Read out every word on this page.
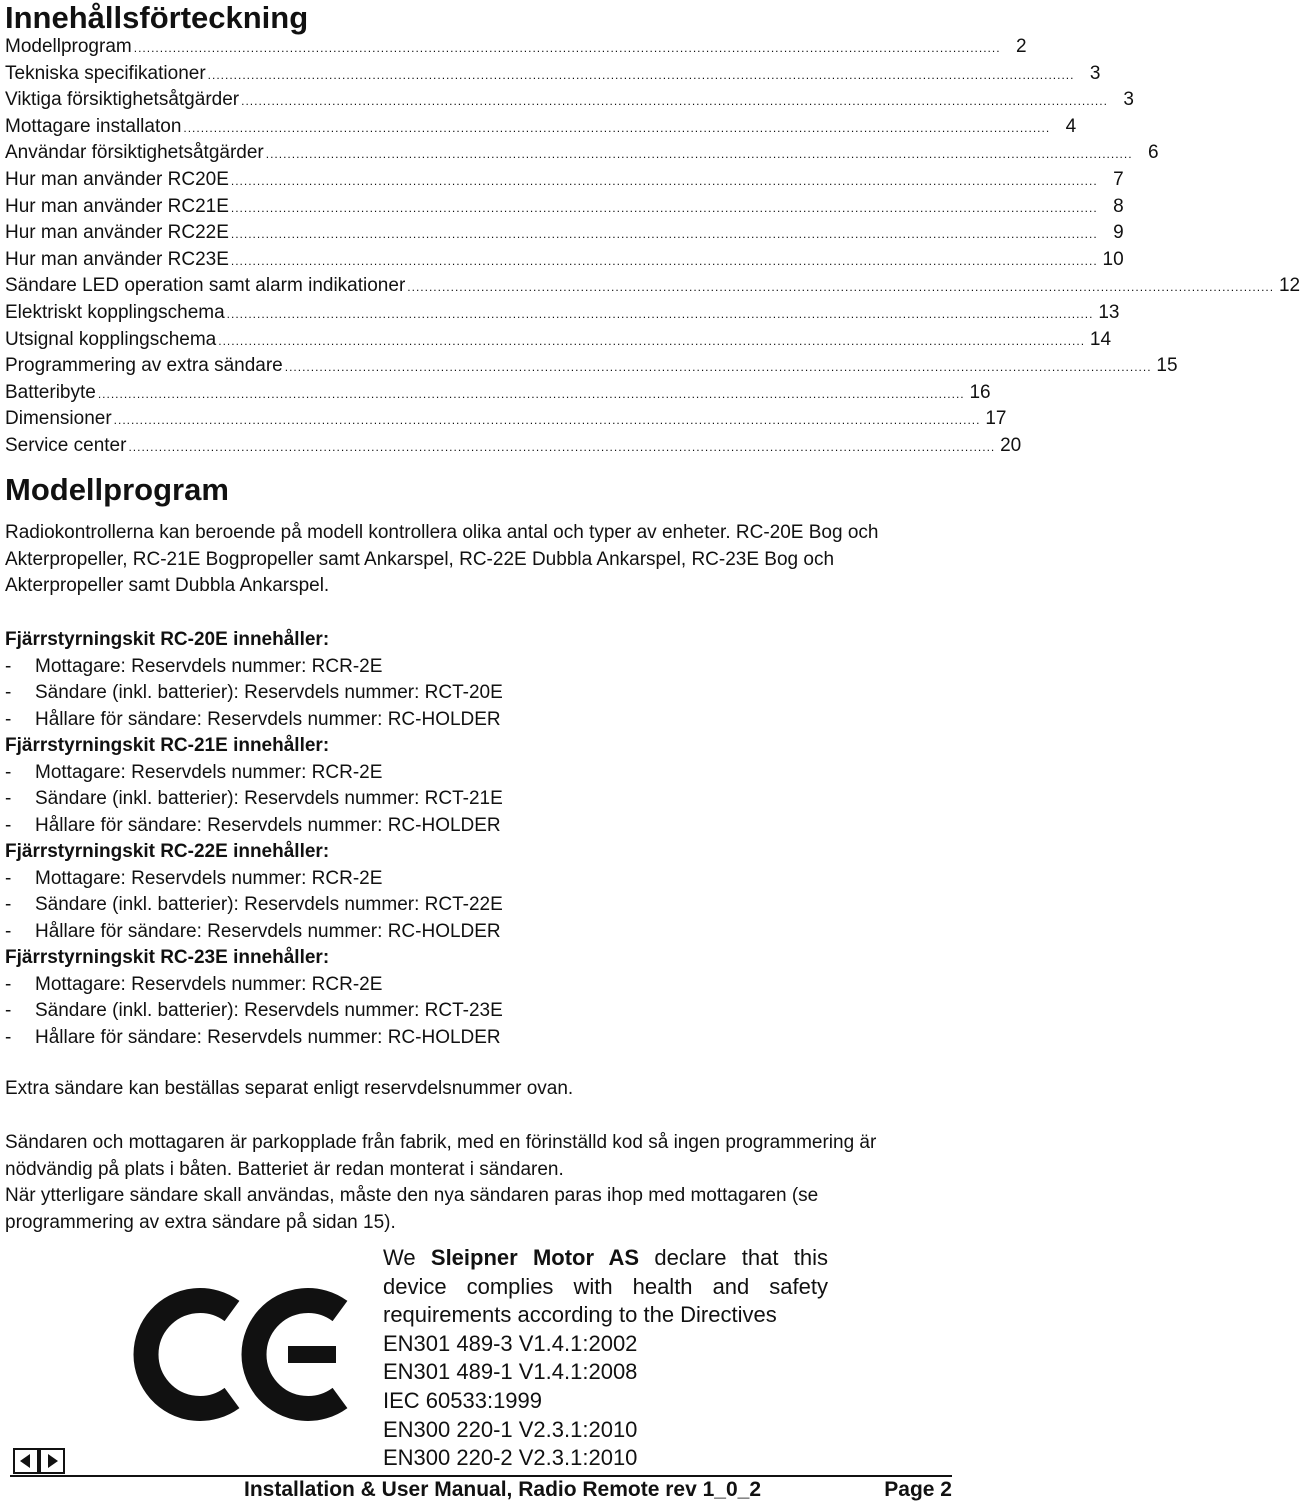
Innehållsförteckning
Modellprogram ........................................................................................................................................................................................................ 2
Tekniska specifikationer ........................................................................................................................................................................................................ 3
Viktiga försiktighetsåtgärder ........................................................................................................................................................................................................ 3
Mottagare installaton ........................................................................................................................................................................................................ 4
Användar försiktighetsåtgärder ........................................................................................................................................................................................................ 6
Hur man använder RC20E ........................................................................................................................................................................................................ 7
Hur man använder RC21E ........................................................................................................................................................................................................ 8
Hur man använder RC22E ........................................................................................................................................................................................................ 9
Hur man använder RC23E ........................................................................................................................................................................................................ 10
Sändare LED operation samt alarm indikationer ........................................................................................................................................................................................................ 12
Elektriskt kopplingschema ........................................................................................................................................................................................................ 13
Utsignal kopplingschema ........................................................................................................................................................................................................ 14
Programmering av extra sändare ........................................................................................................................................................................................................ 15
Batteribyte ........................................................................................................................................................................................................ 16
Dimensioner ........................................................................................................................................................................................................ 17
Service center ........................................................................................................................................................................................................ 20
Modellprogram

Radiokontrollerna kan beroende på modell kontrollera olika antal och typer av enheter. RC-20E Bog och Akterpropeller, RC-21E Bogpropeller samt Ankarspel, RC-22E Dubbla Ankarspel, RC-23E Bog och Akterpropeller samt Dubbla Ankarspel.

Fjärrstyrningskit RC-20E innehåller:
- Mottagare: Reservdels nummer: RCR-2E
- Sändare (inkl. batterier): Reservdels nummer: RCT-20E
- Hållare för sändare: Reservdels nummer: RC-HOLDER
Fjärrstyrningskit RC-21E innehåller:
- Mottagare: Reservdels nummer: RCR-2E
- Sändare (inkl. batterier): Reservdels nummer: RCT-21E
- Hållare för sändare: Reservdels nummer: RC-HOLDER
Fjärrstyrningskit RC-22E innehåller:
- Mottagare: Reservdels nummer: RCR-2E
- Sändare (inkl. batterier): Reservdels nummer: RCT-22E
- Hållare för sändare: Reservdels nummer: RC-HOLDER
Fjärrstyrningskit RC-23E innehåller:
- Mottagare: Reservdels nummer: RCR-2E
- Sändare (inkl. batterier): Reservdels nummer: RCT-23E
- Hållare för sändare: Reservdels nummer: RC-HOLDER

Extra sändare kan beställas separat enligt reservdelsnummer ovan.

Sändaren och mottagaren är parkopplade från fabrik, med en förinställd kod så ingen programmering är nödvändig på plats i båten. Batteriet är redan monterat i sändaren.

När ytterligare sändare skall användas, måste den nya sändaren paras ihop med mottagaren (se programmering av extra sändare på sidan 15).

We Sleipner Motor AS declare that this
device complies with health and safety
requirements according to the Directives
EN301 489-3 V1.4.1:2002
EN301 489-1 V1.4.1:2008
IEC 60533:1999
EN300 220-1 V2.3.1:2010
EN300 220-2 V2.3.1:2010
Installation & User Manual, Radio Remote rev 1_0_2	Page 2
